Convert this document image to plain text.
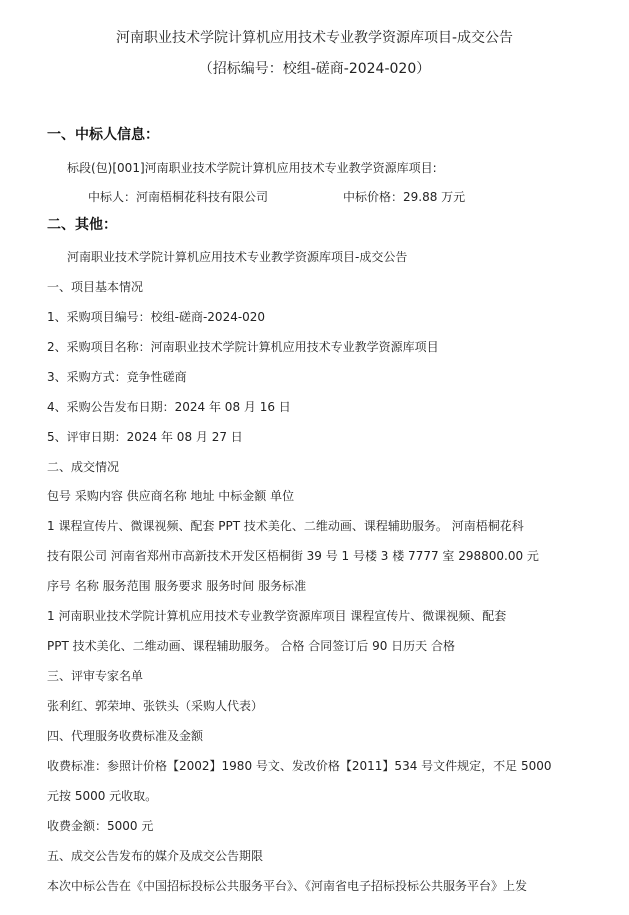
河南职业技术学院计算机应用技术专业教学资源库项目-成交公告
（招标编号：校组-磋商-2024-020）
一、中标人信息：
标段(包)[001]河南职业技术学院计算机应用技术专业教学资源库项目:
中标人：河南梧桐花科技有限公司	中标价格：29.88 万元
二、其他：
河南职业技术学院计算机应用技术专业教学资源库项目-成交公告
一、项目基本情况
1、采购项目编号：校组-磋商-2024-020
2、采购项目名称：河南职业技术学院计算机应用技术专业教学资源库项目
3、采购方式：竞争性磋商
4、采购公告发布日期：2024 年 08 月 16 日
5、评审日期：2024 年 08 月 27 日
二、成交情况
包号 采购内容 供应商名称 地址 中标金额 单位
1 课程宣传片、微课视频、配套 PPT 技术美化、二维动画、课程辅助服务。 河南梧桐花科
技有限公司 河南省郑州市高新技术开发区梧桐街 39 号 1 号楼 3 楼 7777 室 298800.00 元
序号 名称 服务范围 服务要求 服务时间 服务标准
1 河南职业技术学院计算机应用技术专业教学资源库项目 课程宣传片、微课视频、配套
PPT 技术美化、二维动画、课程辅助服务。 合格 合同签订后 90 日历天 合格
三、评审专家名单
张利红、郭荣坤、张铁头（采购人代表）
四、代理服务收费标准及金额
收费标准：参照计价格【2002】1980 号文、发改价格【2011】534 号文件规定，不足 5000
元按 5000 元收取。
收费金额：5000 元
五、成交公告发布的媒介及成交公告期限
本次中标公告在《中国招标投标公共服务平台》、《河南省电子招标投标公共服务平台》上发
